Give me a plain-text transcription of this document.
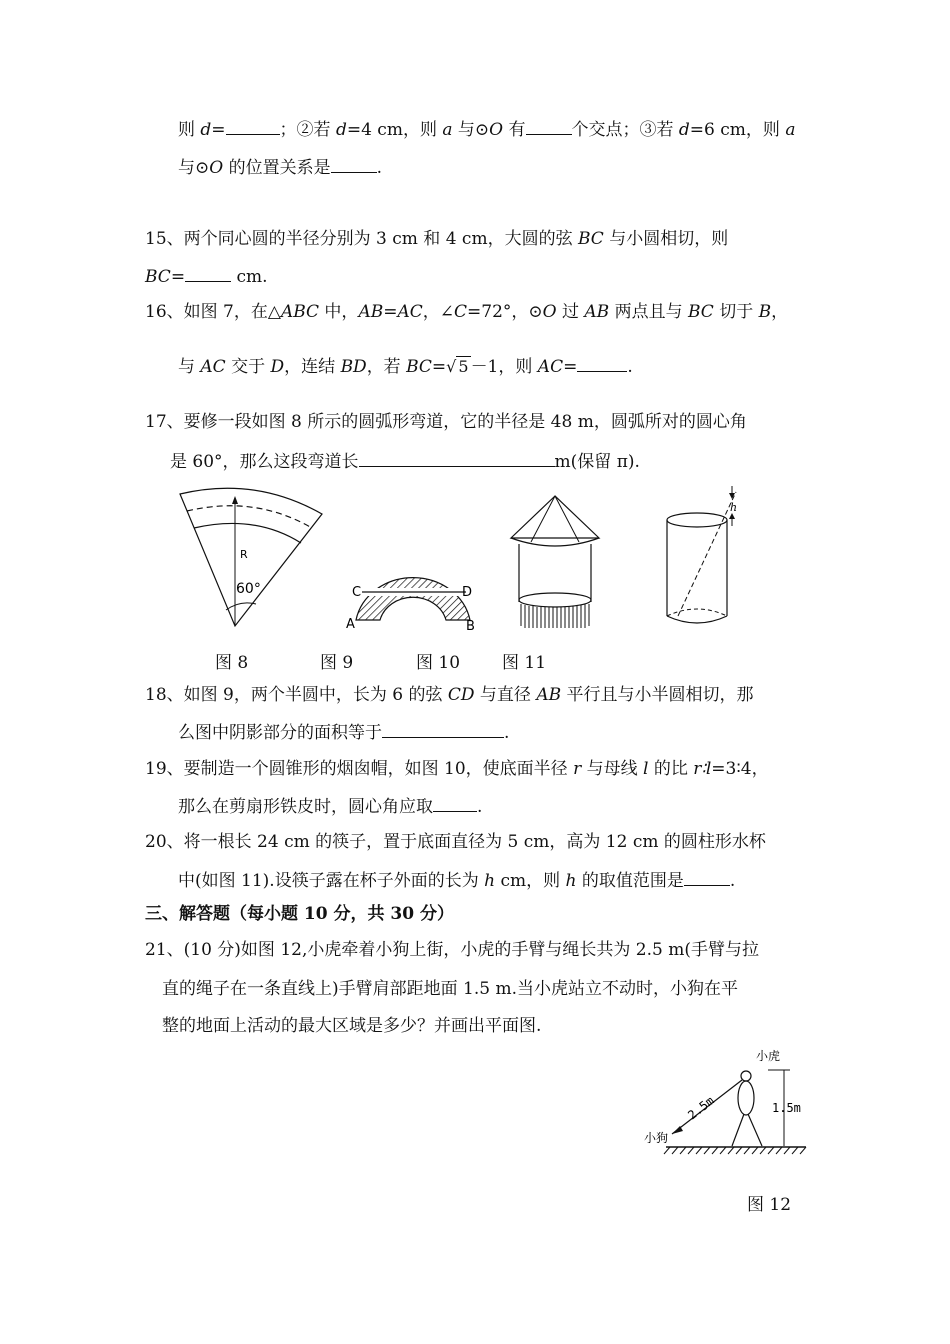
则 d=	；②若 d=4 cm，则 a 与⊙O 有	个交点；③若 d=6 cm，则 a
与⊙O 的位置关系是	.
15、两个同心圆的半径分别为 3 cm 和 4 cm，大圆的弦 BC 与小圆相切，则
BC=	cm.
16、如图 7，在△ABC 中，AB=AC，∠C=72°，⊙O 过 AB 两点且与 BC 切于 B，
与 AC 交于 D，连结 BD，若 BC=√ 5 －1，则 AC=	.
17、要修一段如图 8 所示的圆弧形弯道，它的半径是 48 m，圆弧所对的圆心角
是 60°，那么这段弯道长	m(保留 π).
R
60°	C	D
A	B
h
图 8	图 9	图 10 图 11
18、如图 9，两个半圆中，长为 6 的弦 CD 与直径 AB 平行且与小半圆相切，那
么图中阴影部分的面积等于	.
19、要制造一个圆锥形的烟囱帽，如图 10，使底面半径 r 与母线 l 的比 r∶l=3∶4，
那么在剪扇形铁皮时，圆心角应取	.
20、将一根长 24 cm 的筷子，置于底面直径为 5 cm，高为 12 cm 的圆柱形水杯
中(如图 11).设筷子露在杯子外面的长为 h cm，则 h 的取值范围是	.
三、解答题（每小题 10 分，共 30 分）
21、(10 分)如图 12,小虎牵着小狗上街，小虎的手臂与绳长共为 2.5 m(手臂与拉
直的绳子在一条直线上)手臂肩部距地面 1.5 m.当小虎站立不动时，小狗在平
整的地面上活动的最大区域是多少？并画出平面图.
小虎
小狗
2.5m	1.5m
图 12
